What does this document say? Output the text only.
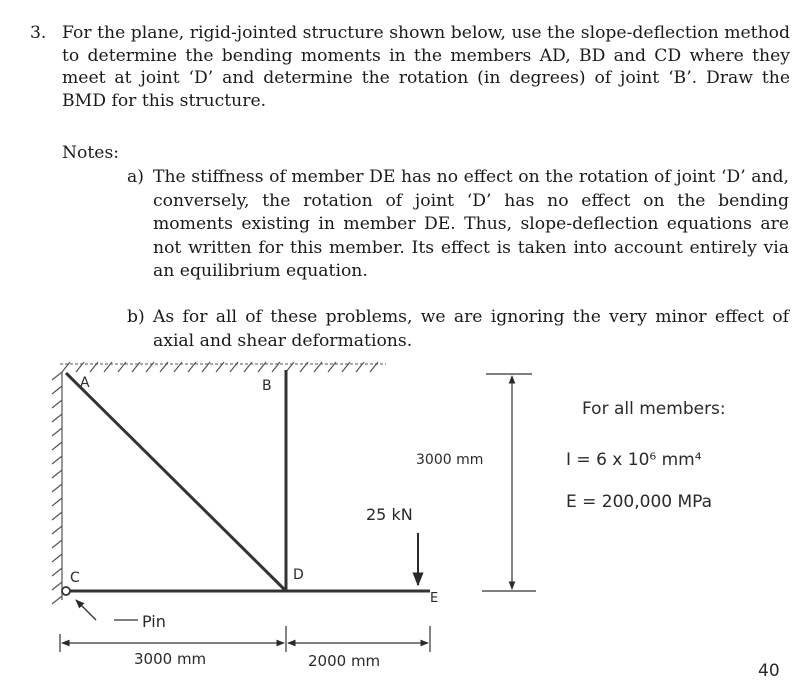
3. For the plane, rigid-jointed structure shown below, use the slope-deflection method to determine the bending moments in the members AD, BD and CD where they meet at joint ‘D’ and determine the rotation (in degrees) of joint ‘B’. Draw the BMD for this structure.
Notes:
a) The stiffness of member DE has no effect on the rotation of joint ‘D’ and, conversely, the rotation of joint ‘D’ has no effect on the bending moments existing in member DE. Thus, slope-deflection equations are not written for this member. Its effect is taken into account entirely via an equilibrium equation.
b) As for all of these problems, we are ignoring the very minor effect of axial and shear deformations.
A	B
C	D
E
Pin
25 kN
3000 mm
3000 mm	2000 mm
For all members:
I = 6 x 10⁶ mm⁴
E = 200,000 MPa
40
